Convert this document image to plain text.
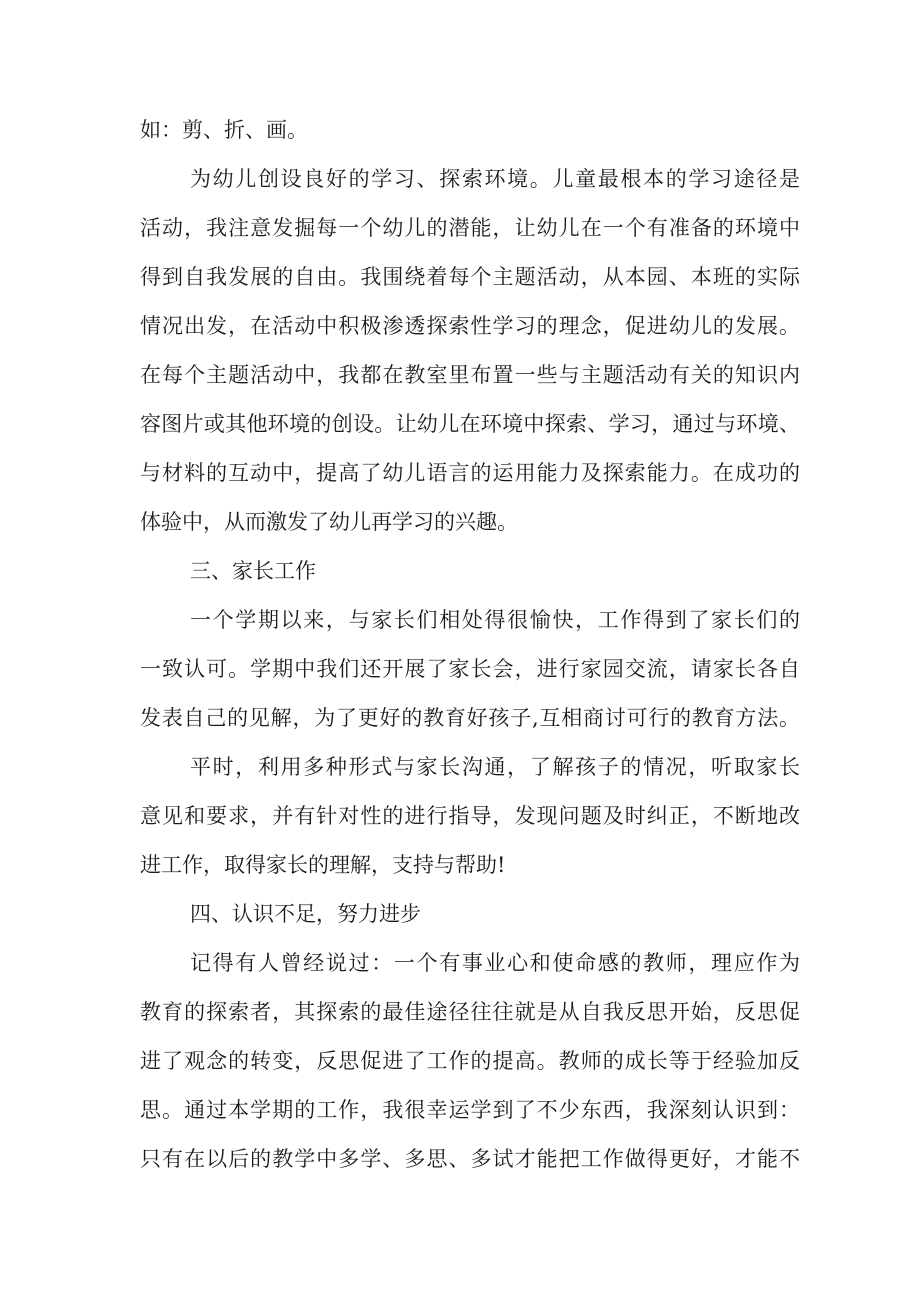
如：剪、折、画。
为幼儿创设良好的学习、探索环境。儿童最根本的学习途径是
活动，我注意发掘每一个幼儿的潜能，让幼儿在一个有准备的环境中
得到自我发展的自由。我围绕着每个主题活动，从本园、本班的实际
情况出发，在活动中积极渗透探索性学习的理念，促进幼儿的发展。
在每个主题活动中，我都在教室里布置一些与主题活动有关的知识内
容图片或其他环境的创设。让幼儿在环境中探索、学习，通过与环境、
与材料的互动中，提高了幼儿语言的运用能力及探索能力。在成功的
体验中，从而激发了幼儿再学习的兴趣。
三、家长工作
一个学期以来，与家长们相处得很愉快，工作得到了家长们的
一致认可。学期中我们还开展了家长会，进行家园交流，请家长各自
发表自己的见解，为了更好的教育好孩子,互相商讨可行的教育方法。
平时，利用多种形式与家长沟通，了解孩子的情况，听取家长
意见和要求，并有针对性的进行指导，发现问题及时纠正，不断地改
进工作，取得家长的理解，支持与帮助!
四、认识不足，努力进步
记得有人曾经说过：一个有事业心和使命感的教师，理应作为
教育的探索者，其探索的最佳途径往往就是从自我反思开始，反思促
进了观念的转变，反思促进了工作的提高。教师的成长等于经验加反
思。通过本学期的工作，我很幸运学到了不少东西，我深刻认识到：
只有在以后的教学中多学、多思、多试才能把工作做得更好，才能不
